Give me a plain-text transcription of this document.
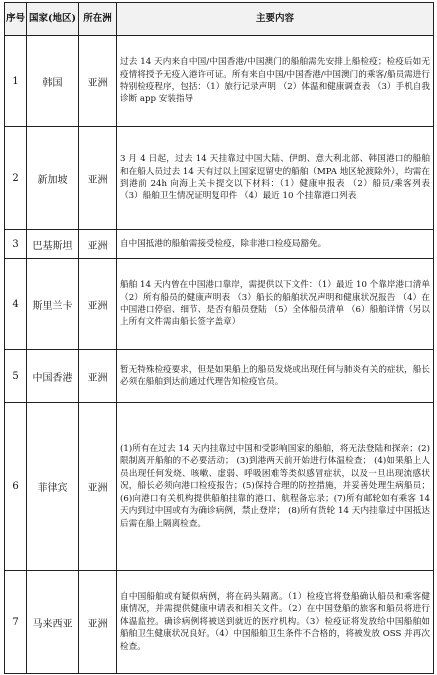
序号	国家(地区)	所在洲	主要内容
1	韩国	亚洲	过去 14 天内来自中国/中国香港/中国澳门的船舶需先安排上船检疫；检疫后如无疫情将授予无疫入港许可证。所有来自中国/中国香港/中国澳门的乘客/船员需进行特别检疫程序，包括：（1）旅行记录声明 （2）体温和健康调查表 （3）手机自我诊断 app 安装指导
2	新加坡	亚洲	3 月 4 日起，过去 14 天挂靠过中国大陆、伊朗、意大利北部、韩国港口的船舶和在船人员过去 14 天有过以上国家逗留史的船舶（MPA 地区轮渡除外），均需在到港前 24h 向海上关卡提交以下材料：（1）健康申报表 （2）船员/乘客列表 （3）船舶卫生情况证明复印件 （4）最近 10 个挂靠港口列表
3	巴基斯坦	亚洲	自中国抵港的船舶需接受检疫，除非港口检疫局豁免。
4	斯里兰卡	亚洲	船舶 14 天内曾在中国港口靠岸，需提供以下文件：（1）最近 10 个靠岸港口清单 （2）所有船员的健康声明表 （3）船长的船舶状况声明和健康状况报告 （4）在中国港口停宿、细节、是否有船员登陆 （5）全体船员清单 （6）船舶详情（另以上所有文件需由船长签字盖章）
5	中国香港	亚洲	暂无特殊检疫要求，但是如果船上的船员发烧或出现任何与肺炎有关的症状，船长必须在船舶到达前通过代理告知检疫官员。
6	菲律宾	亚洲	(1)所有在过去 14 天内挂靠过中国和受影响国家的船舶，将无法登陆和探亲；(2)限制离开船舶的不必要活动； (3)到港两天前开始进行体温检查； (4)如果船上人员出现任何发烧、咳嗽、虚弱、呼吸困难等类似感冒症状，以及一旦出现流感状况，船长必须向港口检疫报告；(5)保持合理的防控措施，并妥善处理生病船员；(6)向港口有关机构提供船舶挂靠的港口、航程备忘录；(7)所有邮轮如有乘客 14 天内到过中国或有为确诊病例，禁止登岸； (8)所有货轮 14 天内挂靠过中国抵达后需在船上隔离检查。
7	马来西亚	亚洲	自中国船舶或有疑似病例，将在码头隔离。（1）检疫官将登船确认船员和乘客健康情况，并需提供健康申请表和相关文件。（2）在中国登船的旅客和船员将进行体温监控。确诊病例将被送到就近的医疗机构。（3）检疫证将发放给中国船舶如船舶卫生健康状况良好。（4）中国船舶卫生条件不合格的，将被发放 OSS 并再次检查。
